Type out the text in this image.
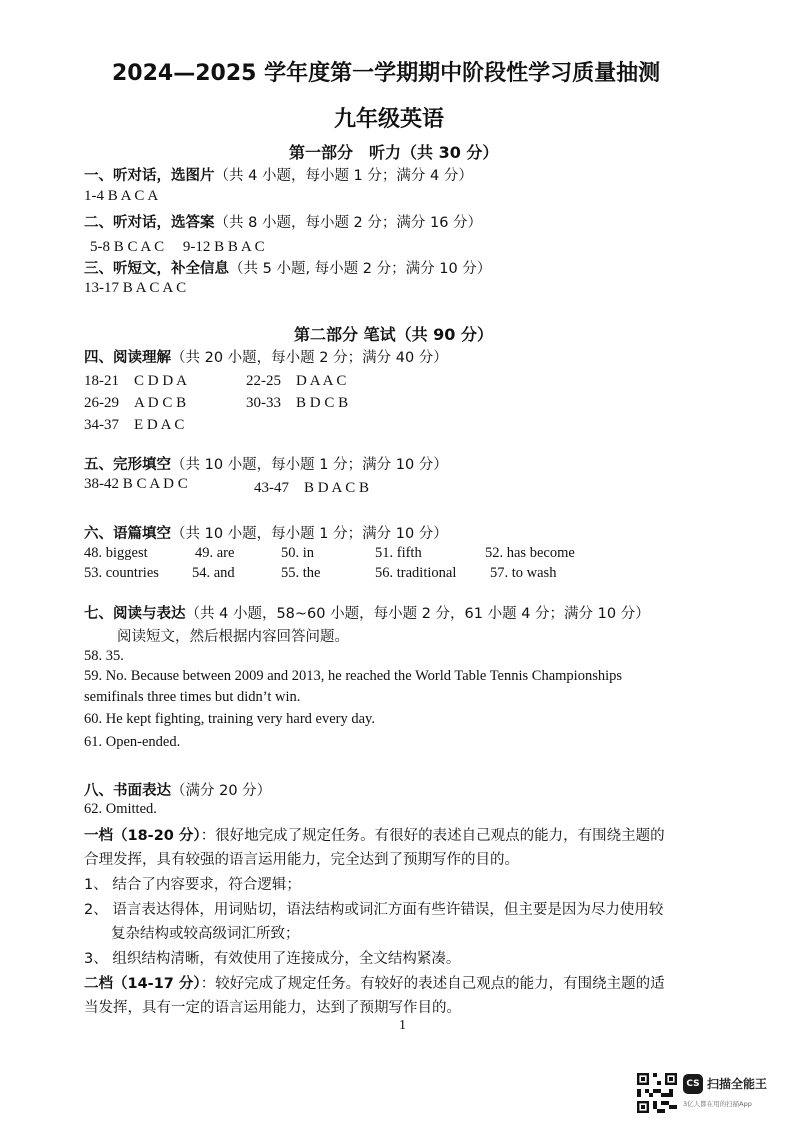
2024—2025 学年度第一学期期中阶段性学习质量抽测
九年级英语
第一部分　听力（共 30 分）
一、听对话，选图片（共 4 小题，每小题 1 分；满分 4 分）
1-4 B A C A
二、听对话，选答案（共 8 小题，每小题 2 分；满分 16 分）
5-8 B C A C　 9-12 B B A C
三、听短文，补全信息（共 5 小题, 每小题 2 分；满分 10 分）
13-17 B A C A C
第二部分 笔试（共 90 分）
四、阅读理解（共 20 小题，每小题 2 分；满分 40 分）
18-21　C D D A	22-25　D A A C
26-29　A D C B	30-33　B D C B
34-37　E D A C
五、完形填空（共 10 小题，每小题 1 分；满分 10 分）
38-42 B C A D C	43-47　B D A C B
六、语篇填空（共 10 小题，每小题 1 分；满分 10 分）
48. biggest	49. are	50. in	51. fifth	52. has become
53. countries 54. and	55. the	56. traditional 57. to wash
七、阅读与表达（共 4 小题，58~60 小题，每小题 2 分，61 小题 4 分；满分 10 分）
阅读短文，然后根据内容回答问题。
58. 35.
59. No. Because between 2009 and 2013, he reached the World Table Tennis Championships
semifinals three times but didn’t win.
60. He kept fighting, training very hard every day.
61. Open-ended.
八、书面表达（满分 20 分）
62. Omitted.
一档（18-20 分）：很好地完成了规定任务。有很好的表述自己观点的能力，有围绕主题的
合理发挥，具有较强的语言运用能力，完全达到了预期写作的目的。
1、 结合了内容要求，符合逻辑；
2、 语言表达得体，用词贴切，语法结构或词汇方面有些许错误，但主要是因为尽力使用较
复杂结构或较高级词汇所致；
3、 组织结构清晰，有效使用了连接成分，全文结构紧凑。
二档（14-17 分）：较好完成了规定任务。有较好的表述自己观点的能力，有围绕主题的适
当发挥，具有一定的语言运用能力，达到了预期写作目的。
1
CS 扫描全能王
3亿人都在用的扫描App
